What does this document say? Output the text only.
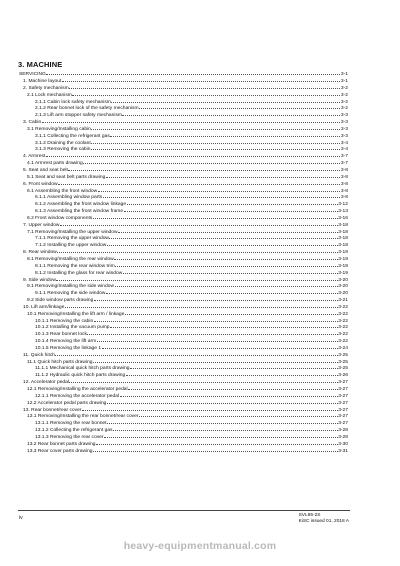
3. MACHINE
SERVICING	3-1
1. Machine layout	3-1
2. Safety mechanism	3-2
2.1 Lock mechanism	3-2
2.1.1 Cabin lock safety mechanism	3-2
2.1.2 Rear bonnet lock of the safety mechanism	3-2
2.1.3 Lift arm stopper safety mechanism	3-3
3. Cabin	3-3
3.1 Removing/Installing cabin	3-3
3.1.1 Collecting the refrigerant gas	3-3
3.1.2 Draining the coolant	3-4
3.1.3 Removing the cabin	3-4
4. Armrest	3-7
4.1 Armrest parts drawing	3-7
5. Seat and seat belt	3-8
5.1 Seat and seat belt parts drawing	3-8
6. Front window	3-8
6.1 Assembling the front window	3-8
6.1.1 Assembling window parts	3-8
6.1.2 Assembling the front window linkage	3-12
6.1.3 Assembling the front window frame	3-13
6.2 Front window components	3-16
7. Upper window	3-18
7.1 Removing/Installing the upper window	3-18
7.1.1 Removing the upper window	3-18
7.1.2 Installing the upper window	3-18
8. Rear window	3-19
8.1 Removing/Installing the rear window	3-19
8.1.1 Removing the rear window trim	3-19
8.1.2 Installing the glass for rear window	3-19
9. Side window	3-20
9.1 Removing/Installing the side window	3-20
9.1.1 Removing the side window	3-20
9.2 Side window parts drawing	3-21
10. Lift arm/linkage	3-22
10.1 Removing/Installing the lift arm / linkage	3-22
10.1.1 Removing the cabin	3-22
10.1.2 Installing the vacuum pump	3-22
10.1.3 Rear bonnet lock	3-22
10.1.4 Removing the lift arm	3-22
10.1.5 Removing the linkage 1	3-24
11. Quick hitch	3-25
11.1 Quick hitch parts drawing	3-25
11.1.1 Mechanical quick hitch parts drawing	3-25
11.1.2 Hydraulic quick hitch parts drawing	3-26
12. Accelerator pedal	3-27
12.1 Removing/Installing the accelerator pedal	3-27
12.1.1 Removing the accelerator pedal	3-27
12.2 Accelerator pedal parts drawing	3-27
13. Rear bonnet/rear cover	3-27
13.1 Removing/Installing the rear bonnet/rear cover	3-27
13.1.1 Removing the rear bonnet	3-27
13.1.2 Collecting the refrigerant gas	3-28
13.1.3 Removing the rear cover	3-28
13.2 Rear bonnet parts drawing	3-30
13.3 Rear cover parts drawing	3-31
iv	SVL95-2S
KiSC issued 01, 2018 A
heavy-equipmentmanual.com
